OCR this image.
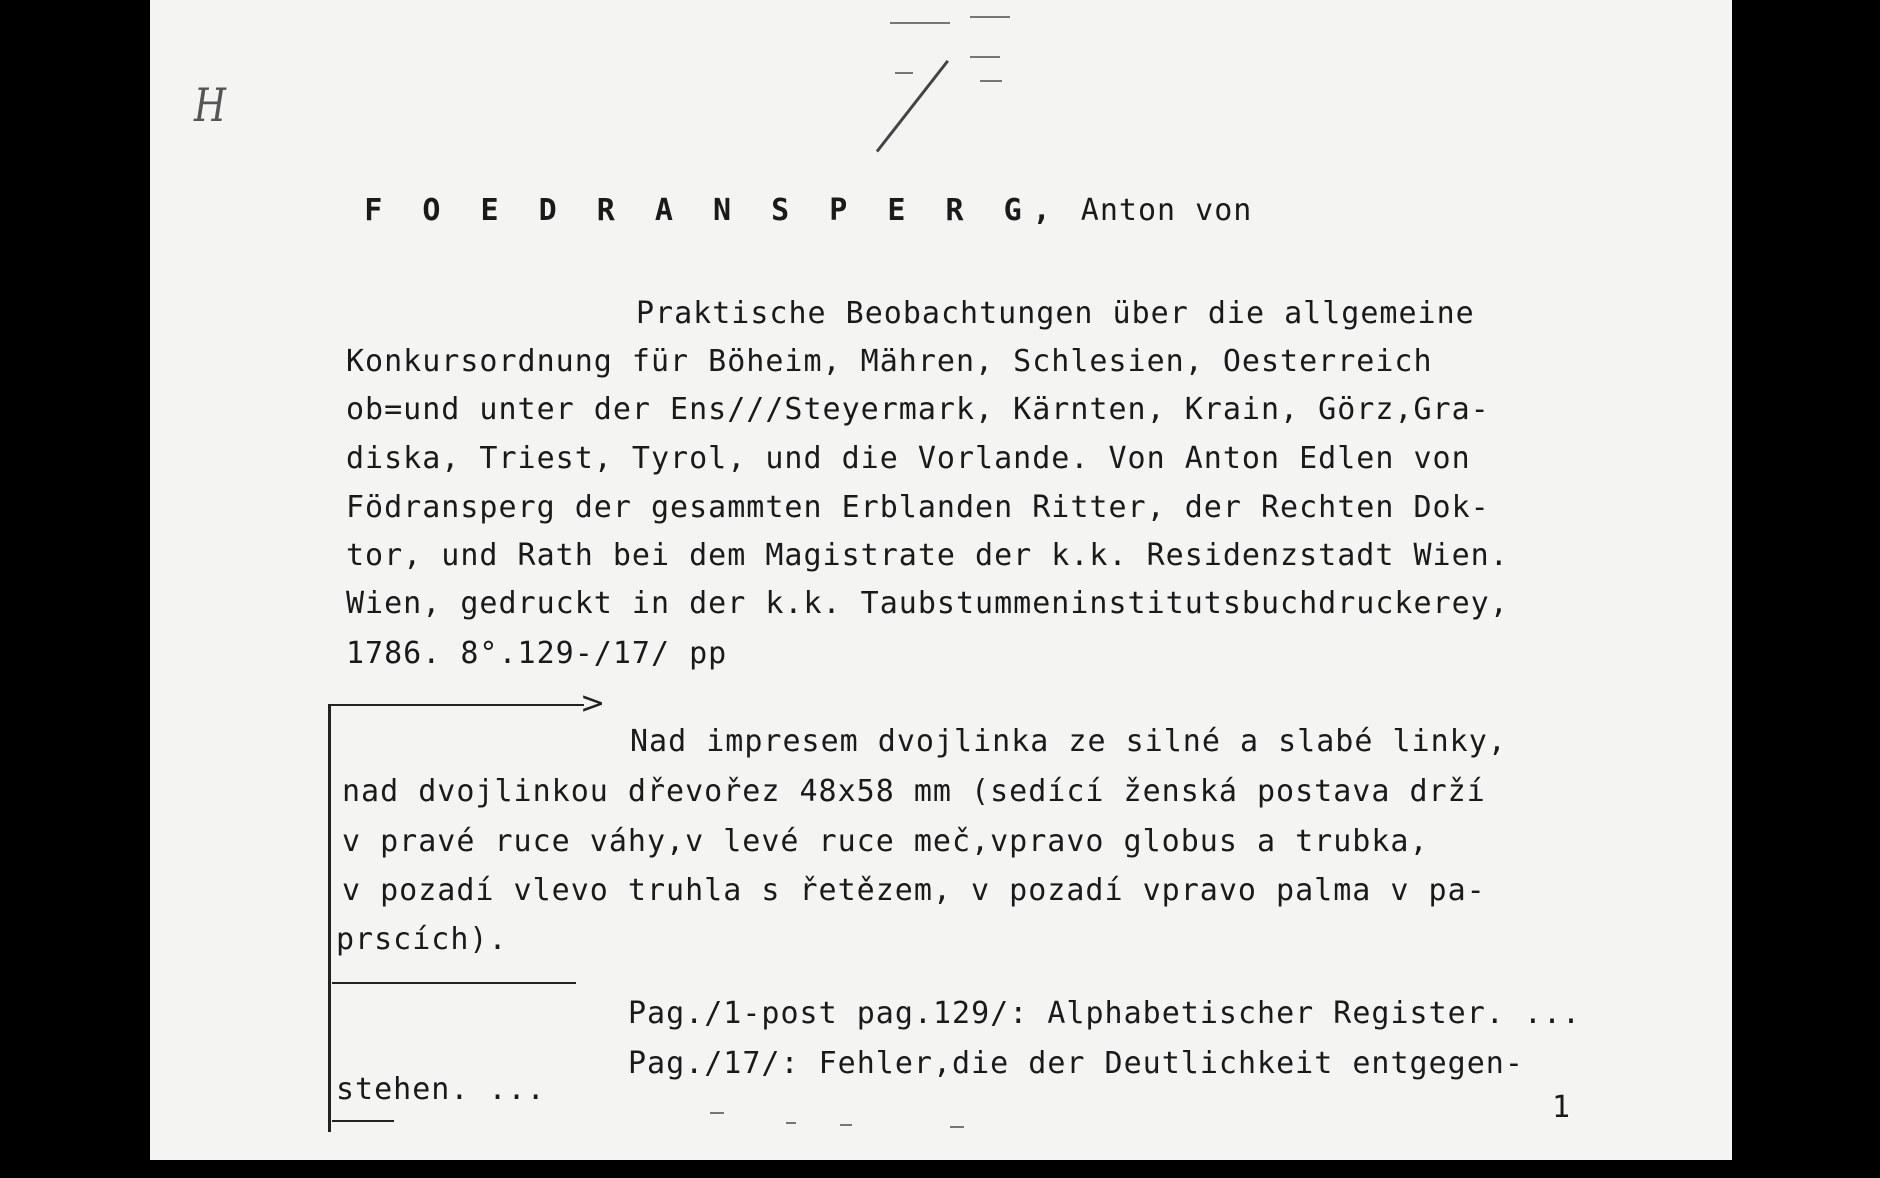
H

F O E D R A N S P E R G, Anton von

Praktische Beobachtungen über die allgemeine
Konkursordnung für Böheim, Mähren, Schlesien, Oesterreich
ob=und unter der Ens///Steyermark, Kärnten, Krain, Görz,Gra-
diska, Triest, Tyrol, und die Vorlande. Von Anton Edlen von
Födransperg der gesammten Erblanden Ritter, der Rechten Dok-
tor, und Rath bei dem Magistrate der k.k. Residenzstadt Wien.
Wien, gedruckt in der k.k. Taubstummeninstitutsbuchdruckerey,
1786. 8°.129-/17/ pp
>
Nad impresem dvojlinka ze silné a slabé linky,
nad dvojlinkou dřevořez 48x58 mm (sedící ženská postava drží
v pravé ruce váhy,v levé ruce meč,vpravo globus a trubka,
v pozadí vlevo truhla s řetězem, v pozadí vpravo palma v pa-
prscích).
Pag./1-post pag.129/: Alphabetischer Register. ...
Pag./17/: Fehler,die der Deutlichkeit entgegen-
stehen. ...
1
